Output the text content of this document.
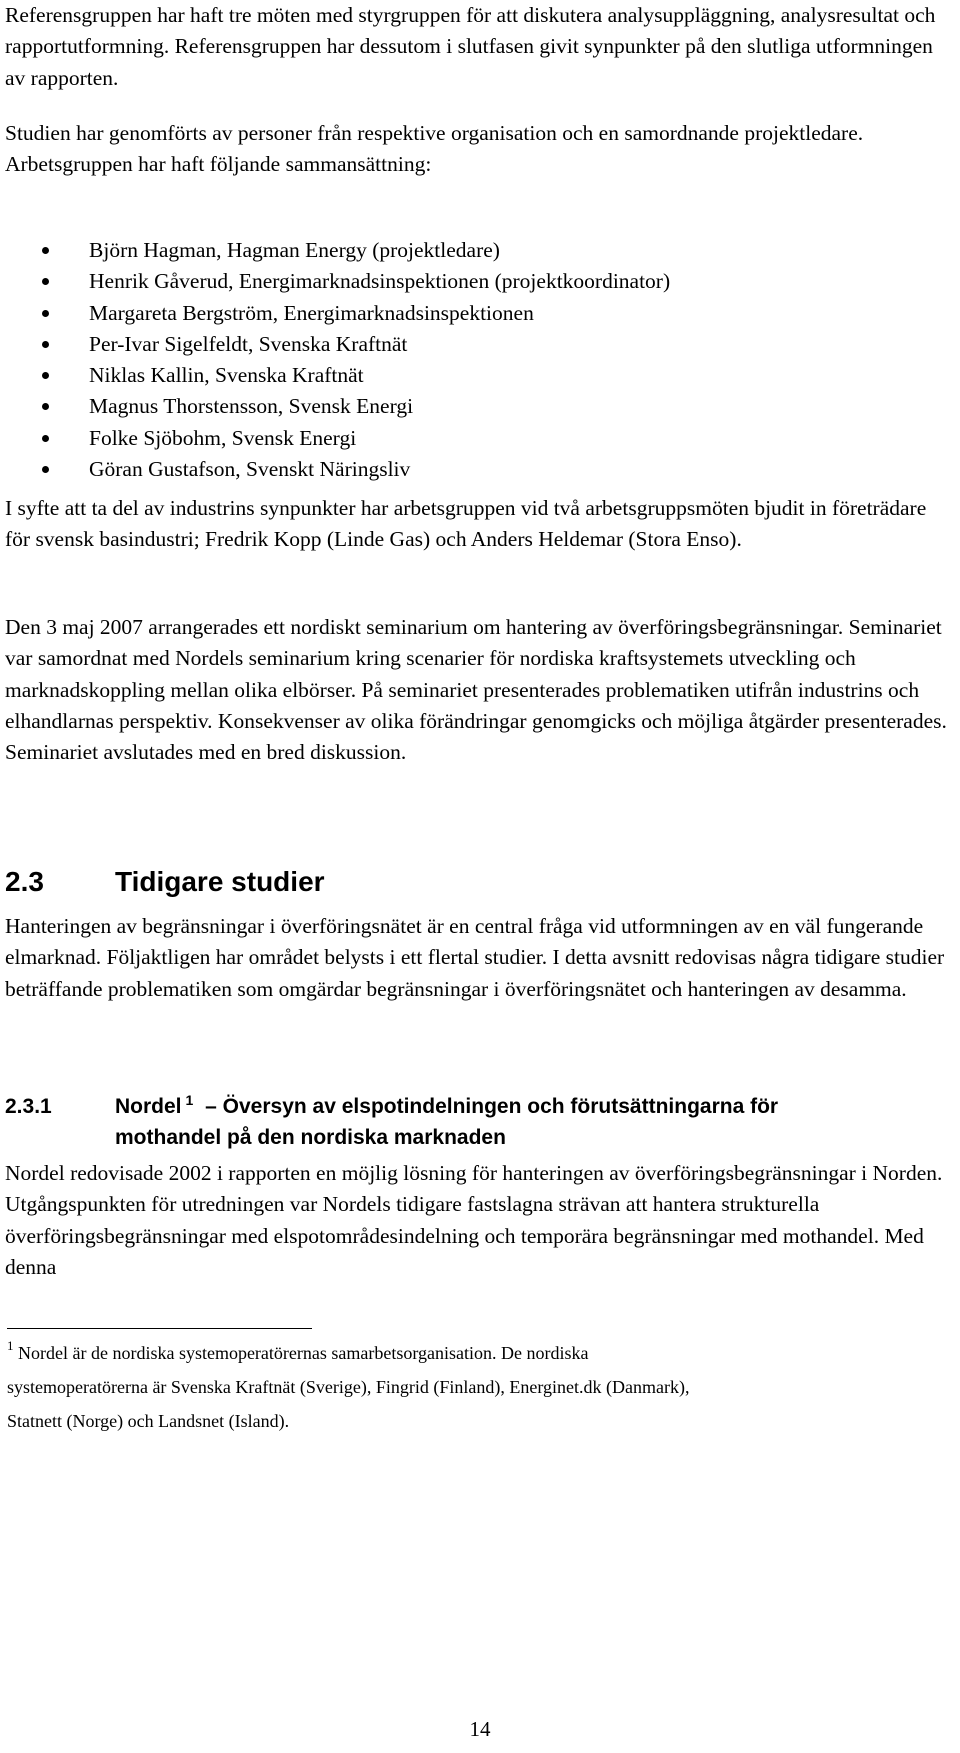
Referensgruppen har haft tre möten med styrgruppen för att diskutera analysuppläggning, analysresultat och rapportutformning. Referensgruppen har dessutom i slutfasen givit synpunkter på den slutliga utformningen av rapporten.

Studien har genomförts av personer från respektive organisation och en samordnande projektledare. Arbetsgruppen har haft följande sammansättning:

Björn Hagman, Hagman Energy (projektledare)
Henrik Gåverud, Energimarknadsinspektionen (projektkoordinator)
Margareta Bergström, Energimarknadsinspektionen
Per-Ivar Sigelfeldt, Svenska Kraftnät
Niklas Kallin, Svenska Kraftnät
Magnus Thorstensson, Svensk Energi
Folke Sjöbohm, Svensk Energi
Göran Gustafson, Svenskt Näringsliv

I syfte att ta del av industrins synpunkter har arbetsgruppen vid två arbetsgruppsmöten bjudit in företrädare för svensk basindustri; Fredrik Kopp (Linde Gas) och Anders Heldemar (Stora Enso).

Den 3 maj 2007 arrangerades ett nordiskt seminarium om hantering av överföringsbegränsningar. Seminariet var samordnat med Nordels seminarium kring scenarier för nordiska kraftsystemets utveckling och marknadskoppling mellan olika elbörser. På seminariet presenterades problematiken utifrån industrins och elhandlarnas perspektiv. Konsekvenser av olika förändringar genomgicks och möjliga åtgärder presenterades. Seminariet avslutades med en bred diskussion.

2.3	Tidigare studier

Hanteringen av begränsningar i överföringsnätet är en central fråga vid utformningen av en väl fungerande elmarknad. Följaktligen har området belysts i ett flertal studier. I detta avsnitt redovisas några tidigare studier beträffande problematiken som omgärdar begränsningar i överföringsnätet och hanteringen av desamma.

2.3.1	Nordel $^1$ – Översyn av elspotindelningen och förutsättningarna för
mothandel på den nordiska marknaden

Nordel redovisade 2002 i rapporten en möjlig lösning för hanteringen av överföringsbegränsningar i Norden. Utgångspunkten för utredningen var Nordels tidigare fastslagna strävan att hantera strukturella överföringsbegränsningar med elspotområdesindelning och temporära begränsningar med mothandel. Med denna

$^1$ Nordel är de nordiska systemoperatörernas samarbetsorganisation. De nordiska
systemoperatörerna är Svenska Kraftnät (Sverige), Fingrid (Finland), Energinet.dk (Danmark),
Statnett (Norge) och Landsnet (Island).

14
